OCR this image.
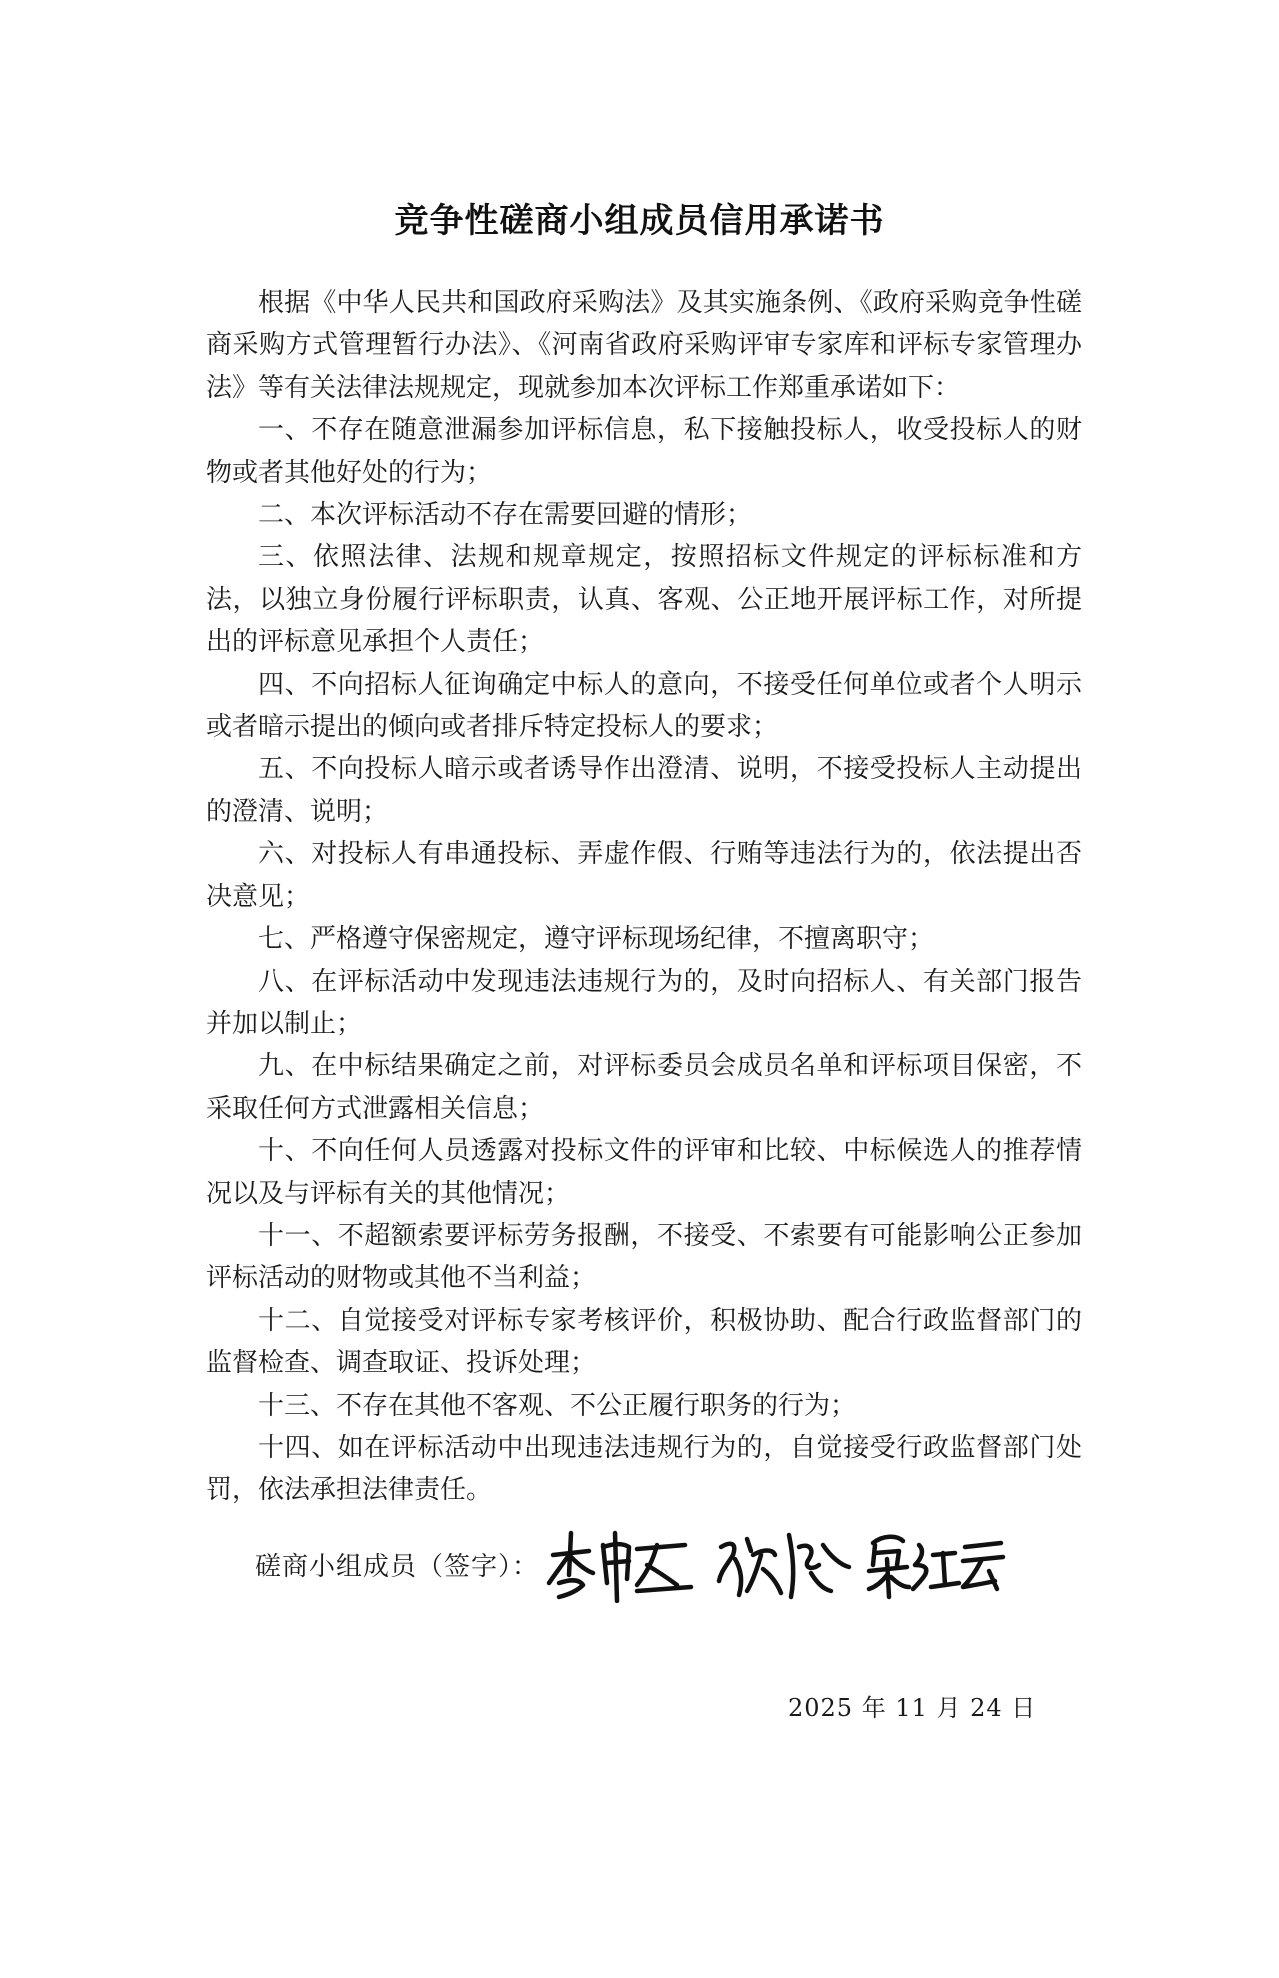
竞争性磋商小组成员信用承诺书

根据《中华人民共和国政府采购法》及其实施条例、《政府采购竞争性磋商采购方式管理暂行办法》、《河南省政府采购评审专家库和评标专家管理办法》等有关法律法规规定，现就参加本次评标工作郑重承诺如下：

一、不存在随意泄漏参加评标信息，私下接触投标人，收受投标人的财物或者其他好处的行为；

二、本次评标活动不存在需要回避的情形；

三、依照法律、法规和规章规定，按照招标文件规定的评标标准和方法，以独立身份履行评标职责，认真、客观、公正地开展评标工作，对所提出的评标意见承担个人责任；

四、不向招标人征询确定中标人的意向，不接受任何单位或者个人明示或者暗示提出的倾向或者排斥特定投标人的要求；

五、不向投标人暗示或者诱导作出澄清、说明，不接受投标人主动提出的澄清、说明；

六、对投标人有串通投标、弄虚作假、行贿等违法行为的，依法提出否决意见；

七、严格遵守保密规定，遵守评标现场纪律，不擅离职守；

八、在评标活动中发现违法违规行为的，及时向招标人、有关部门报告并加以制止；

九、在中标结果确定之前，对评标委员会成员名单和评标项目保密，不采取任何方式泄露相关信息；

十、不向任何人员透露对投标文件的评审和比较、中标候选人的推荐情况以及与评标有关的其他情况；

十一、不超额索要评标劳务报酬，不接受、不索要有可能影响公正参加评标活动的财物或其他不当利益；

十二、自觉接受对评标专家考核评价，积极协助、配合行政监督部门的监督检查、调查取证、投诉处理；

十三、不存在其他不客观、不公正履行职务的行为；

十四、如在评标活动中出现违法违规行为的，自觉接受行政监督部门处罚，依法承担法律责任。

磋商小组成员（签字）：
2025 年 11 月 24 日
